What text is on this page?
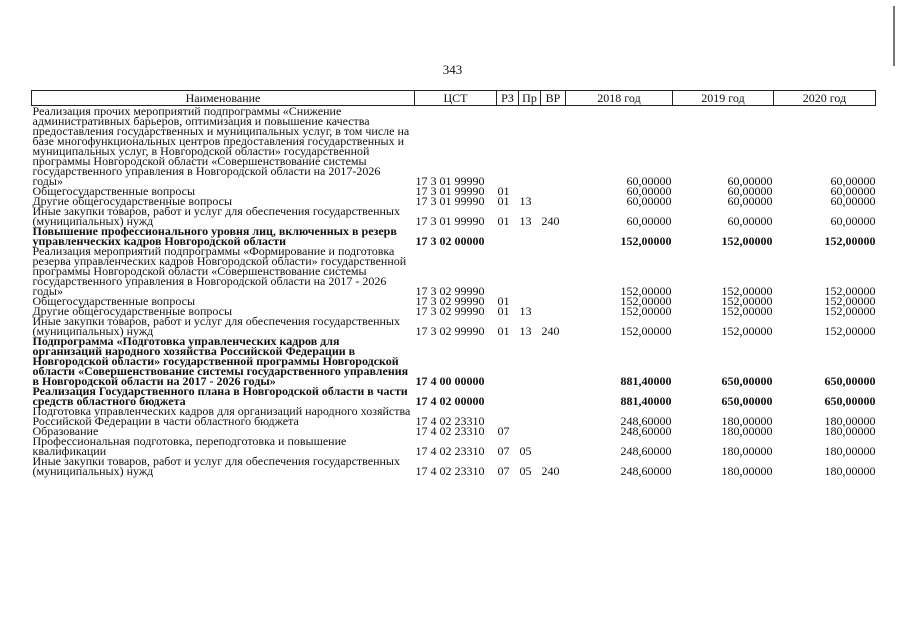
343
Наименование	ЦСТ	РЗ	Пр	ВР	2018 год	2019 год	2020 год
Реализация прочих мероприятий подпрограммы «Снижение административных барьеров, оптимизация и повышение качества предоставления государственных и муниципальных услуг, в том числе на базе многофункциональных центров предоставления государственных и муниципальных услуг, в Новгородской области» государственной программы Новгородской области «Совершенствование системы государственного управления в Новгородской области на 2017-2026 годы»	17 3 01 99990				60,00000	60,00000	60,00000
Общегосударственные вопросы	17 3 01 99990	01			60,00000	60,00000	60,00000
Другие общегосударственные вопросы	17 3 01 99990	01	13		60,00000	60,00000	60,00000
Иные закупки товаров, работ и услуг для обеспечения государственных (муниципальных) нужд	17 3 01 99990	01	13	240	60,00000	60,00000	60,00000
Повышение профессионального уровня лиц, включенных в резерв управленческих кадров Новгородской области	17 3 02 00000				152,00000	152,00000	152,00000
Реализация мероприятий подпрограммы «Формирование и подготовка резерва управленческих кадров Новгородской области» государственной программы Новгородской области «Совершенствование системы государственного управления в Новгородской области на 2017 - 2026 годы»	17 3 02 99990				152,00000	152,00000	152,00000
Общегосударственные вопросы	17 3 02 99990	01			152,00000	152,00000	152,00000
Другие общегосударственные вопросы	17 3 02 99990	01	13		152,00000	152,00000	152,00000
Иные закупки товаров, работ и услуг для обеспечения государственных (муниципальных) нужд	17 3 02 99990	01	13	240	152,00000	152,00000	152,00000
Подпрограмма «Подготовка управленческих кадров для организаций народного хозяйства Российской Федерации в Новгородской области» государственной программы Новгородской области «Совершенствование системы государственного управления в Новгородской области на 2017 - 2026 годы»	17 4 00 00000				881,40000	650,00000	650,00000
Реализация Государственного плана в Новгородской области в части средств областного бюджета	17 4 02 00000				881,40000	650,00000	650,00000
Подготовка управленческих кадров для организаций народного хозяйства Российской Федерации в части областного бюджета	17 4 02 23310				248,60000	180,00000	180,00000
Образование	17 4 02 23310	07			248,60000	180,00000	180,00000
Профессиональная подготовка, переподготовка и повышение квалификации	17 4 02 23310	07	05		248,60000	180,00000	180,00000
Иные закупки товаров, работ и услуг для обеспечения государственных (муниципальных) нужд	17 4 02 23310	07	05	240	248,60000	180,00000	180,00000
